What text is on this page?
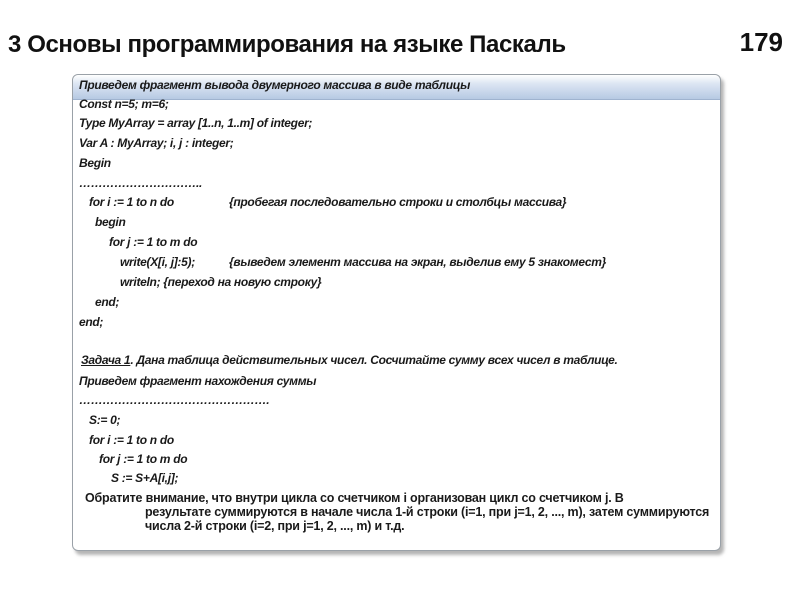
3 Основы программирования на языке Паскаль	179
Приведем фрагмент вывода двумерного массива в виде таблицы
Const n=5; m=6;
Type MyArray = array [1..n, 1..m] of integer;
Var A : MyArray; i, j : integer;
Begin
…………………………..
for i := 1 to n do	{пробегая последовательно строки и столбцы массива}
begin
for j := 1 to m do
write(X[i, j]:5);	{выведем элемент массива на экран, выделив ему 5 знакомест}
writeln; {переход на новую строку}
end;
end;
Задача 1. Дана таблица действительных чисел. Сосчитайте сумму всех чисел в таблице.
Приведем фрагмент нахождения суммы
………………………………………….
S:= 0;
for i := 1 to n do
for j := 1 to m do
S := S+A[i,j];
Обратите внимание, что внутри цикла со счетчиком i организован цикл со счетчиком j. В
результате суммируются в начале числа 1-й строки (i=1, при j=1, 2, ..., m), затем суммируются числа 2-й строки (i=2, при j=1, 2, ..., m) и т.д.
